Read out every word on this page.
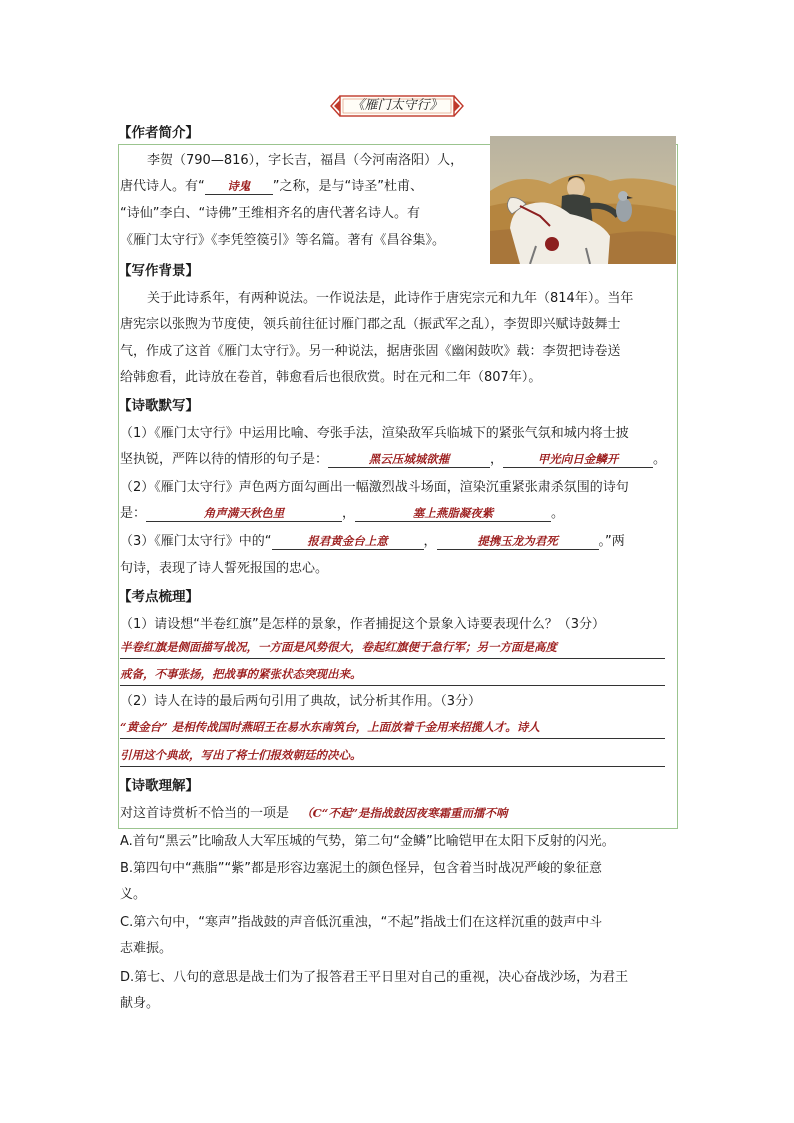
《雁门太守行》
【作者简介】
李贺（790—816），字长吉，福昌（今河南洛阳）人，
唐代诗人。有“ 诗鬼 ”之称，是与“诗圣”杜甫、
“诗仙”李白、“诗佛”王维相齐名的唐代著名诗人。有
《雁门太守行》《李凭箜篌引》等名篇。著有《昌谷集》。
【写作背景】
关于此诗系年，有两种说法。一作说法是，此诗作于唐宪宗元和九年（814年）。当年
唐宪宗以张煦为节度使，领兵前往征讨雁门郡之乱（振武军之乱），李贺即兴赋诗鼓舞士
气，作成了这首《雁门太守行》。另一种说法，据唐张固《幽闲鼓吹》载：李贺把诗卷送
给韩愈看，此诗放在卷首，韩愈看后也很欣赏。时在元和二年（807年）。
【诗歌默写】
（1）《雁门太守行》中运用比喻、夸张手法，渲染敌军兵临城下的紧张气氛和城内将士披
坚执锐，严阵以待的情形的句子是：	黑云压城城欲摧	，	甲光向日金鳞开	。
（2）《雁门太守行》声色两方面勾画出一幅激烈战斗场面，渲染沉重紧张肃杀氛围的诗句
是：	角声满天秋色里	，	塞上燕脂凝夜紫	。
（3）《雁门太守行》中的“	报君黄金台上意	，	提携玉龙为君死	。”两
句诗，表现了诗人誓死报国的忠心。
【考点梳理】
（1）请设想“半卷红旗”是怎样的景象，作者捕捉这个景象入诗要表现什么？（3分）
半卷红旗是侧面描写战况，一方面是风势很大，卷起红旗便于急行军；另一方面是高度
戒备，不事张扬，把战事的紧张状态突现出来。
（2）诗人在诗的最后两句引用了典故，试分析其作用。（3分）
“黄金台” 是相传战国时燕昭王在易水东南筑台，上面放着千金用来招揽人才。诗人
引用这个典故，写出了将士们报效朝廷的决心。
【诗歌理解】
对这首诗赏析不恰当的一项是 （C“不起”是指战鼓因夜寒霜重而擂不响
A.首句“黑云”比喻敌人大军压城的气势，第二句“金鳞”比喻铠甲在太阳下反射的闪光。
B.第四句中“燕脂”“紫”都是形容边塞泥土的颜色怪异，包含着当时战况严峻的象征意
义。
C.第六句中，“寒声”指战鼓的声音低沉重浊，“不起”指战士们在这样沉重的鼓声中斗
志难振。
D.第七、八句的意思是战士们为了报答君王平日里对自己的重视，决心奋战沙场，为君王
献身。
